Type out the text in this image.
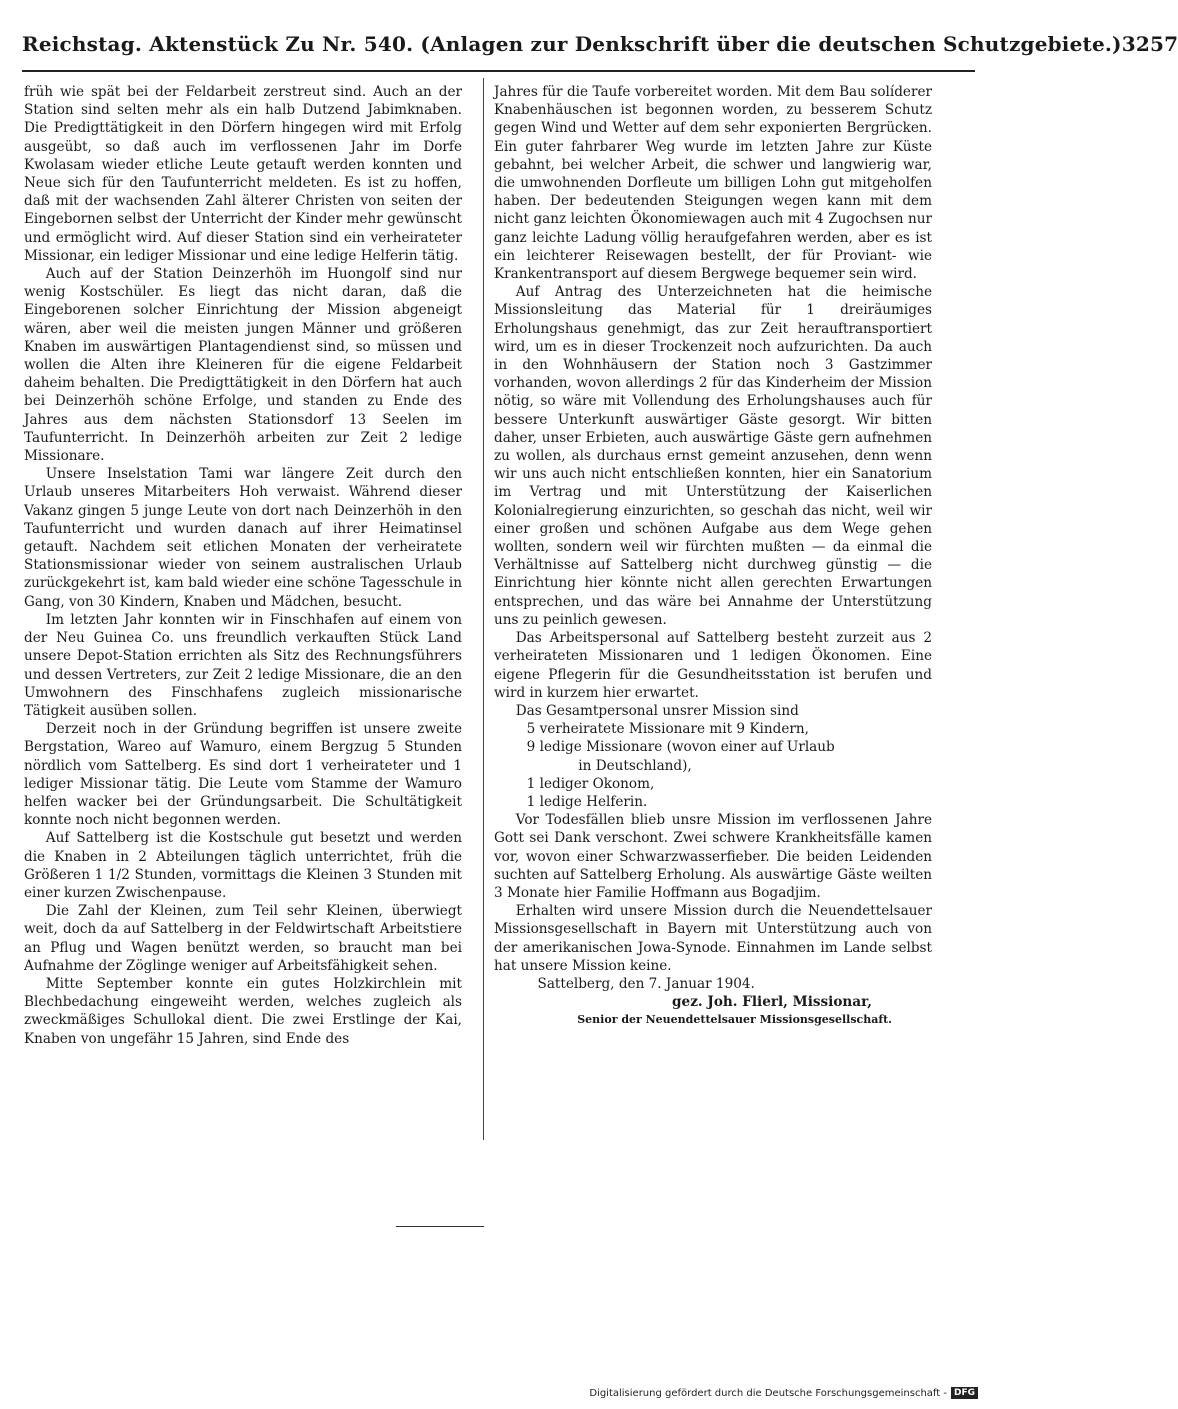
Reichstag. Aktenstück Zu Nr. 540. (Anlagen zur Denkschrift über die deutschen Schutzgebiete.) 3257

früh wie spät bei der Feldarbeit zerstreut sind. Auch an der Station sind selten mehr als ein halb Dutzend Jabimknaben. Die Predigttätigkeit in den Dörfern hingegen wird mit Erfolg ausgeübt, so daß auch im verflossenen Jahr im Dorfe Kwolasam wieder etliche Leute getauft werden konnten und Neue sich für den Taufunterricht meldeten. Es ist zu hoffen, daß mit der wachsenden Zahl älterer Christen von seiten der Eingebornen selbst der Unterricht der Kinder mehr gewünscht und ermöglicht wird. Auf dieser Station sind ein verheirateter Missionar, ein lediger Missionar und eine ledige Helferin tätig.

Auch auf der Station Deinzerhöh im Huongolf sind nur wenig Kostschüler. Es liegt das nicht daran, daß die Eingeborenen solcher Einrichtung der Mission abgeneigt wären, aber weil die meisten jungen Männer und größeren Knaben im auswärtigen Plantagendienst sind, so müssen und wollen die Alten ihre Kleineren für die eigene Feldarbeit daheim behalten. Die Predigttätigkeit in den Dörfern hat auch bei Deinzerhöh schöne Erfolge, und standen zu Ende des Jahres aus dem nächsten Stationsdorf 13 Seelen im Taufunterricht. In Deinzerhöh arbeiten zur Zeit 2 ledige Missionare.

Unsere Inselstation Tami war längere Zeit durch den Urlaub unseres Mitarbeiters Hoh verwaist. Während dieser Vakanz gingen 5 junge Leute von dort nach Deinzerhöh in den Taufunterricht und wurden danach auf ihrer Heimatinsel getauft. Nachdem seit etlichen Monaten der verheiratete Stationsmissionar wieder von seinem australischen Urlaub zurückgekehrt ist, kam bald wieder eine schöne Tagesschule in Gang, von 30 Kindern, Knaben und Mädchen, besucht.

Im letzten Jahr konnten wir in Finschhafen auf einem von der Neu Guinea Co. uns freundlich verkauften Stück Land unsere Depot-Station errichten als Sitz des Rechnungsführers und dessen Vertreters, zur Zeit 2 ledige Missionare, die an den Umwohnern des Finschhafens zugleich missionarische Tätigkeit ausüben sollen.

Derzeit noch in der Gründung begriffen ist unsere zweite Bergstation, Wareo auf Wamuro, einem Bergzug 5 Stunden nördlich vom Sattelberg. Es sind dort 1 verheirateter und 1 lediger Missionar tätig. Die Leute vom Stamme der Wamuro helfen wacker bei der Gründungsarbeit. Die Schultätigkeit konnte noch nicht begonnen werden.

Auf Sattelberg ist die Kostschule gut besetzt und werden die Knaben in 2 Abteilungen täglich unterrichtet, früh die Größeren 1 1/2 Stunden, vormittags die Kleinen 3 Stunden mit einer kurzen Zwischenpause.

Die Zahl der Kleinen, zum Teil sehr Kleinen, überwiegt weit, doch da auf Sattelberg in der Feldwirtschaft Arbeitstiere an Pflug und Wagen benützt werden, so braucht man bei Aufnahme der Zöglinge weniger auf Arbeitsfähigkeit sehen.

Mitte September konnte ein gutes Holzkirchlein mit Blechbedachung eingeweiht werden, welches zugleich als zweckmäßiges Schullokal dient. Die zwei Erstlinge der Kai, Knaben von ungefähr 15 Jahren, sind Ende des

Jahres für die Taufe vorbereitet worden. Mit dem Bau solíderer Knabenhäuschen ist begonnen worden, zu besserem Schutz gegen Wind und Wetter auf dem sehr exponierten Bergrücken. Ein guter fahrbarer Weg wurde im letzten Jahre zur Küste gebahnt, bei welcher Arbeit, die schwer und langwierig war, die umwohnenden Dorfleute um billigen Lohn gut mitgeholfen haben. Der bedeutenden Steigungen wegen kann mit dem nicht ganz leichten Ökonomiewagen auch mit 4 Zugochsen nur ganz leichte Ladung völlig heraufgefahren werden, aber es ist ein leichterer Reisewagen bestellt, der für Proviant- wie Krankentransport auf diesem Bergwege bequemer sein wird.

Auf Antrag des Unterzeichneten hat die heimische Missionsleitung das Material für 1 dreiräumiges Erholungshaus genehmigt, das zur Zeit herauftransportiert wird, um es in dieser Trockenzeit noch aufzurichten. Da auch in den Wohnhäusern der Station noch 3 Gastzimmer vorhanden, wovon allerdings 2 für das Kinderheim der Mission nötig, so wäre mit Vollendung des Erholungshauses auch für bessere Unterkunft auswärtiger Gäste gesorgt. Wir bitten daher, unser Erbieten, auch auswärtige Gäste gern aufnehmen zu wollen, als durchaus ernst gemeint anzusehen, denn wenn wir uns auch nicht entschließen konnten, hier ein Sanatorium im Vertrag und mit Unterstützung der Kaiserlichen Kolonialregierung einzurichten, so geschah das nicht, weil wir einer großen und schönen Aufgabe aus dem Wege gehen wollten, sondern weil wir fürchten mußten — da einmal die Verhältnisse auf Sattelberg nicht durchweg günstig — die Einrichtung hier könnte nicht allen gerechten Erwartungen entsprechen, und das wäre bei Annahme der Unterstützung uns zu peinlich gewesen.

Das Arbeitspersonal auf Sattelberg besteht zurzeit aus 2 verheirateten Missionaren und 1 ledigen Ökonomen. Eine eigene Pflegerin für die Gesundheitsstation ist berufen und wird in kurzem hier erwartet.

Das Gesamtpersonal unsrer Mission sind
5 verheiratete Missionare mit 9 Kindern,
9 ledige Missionare (wovon einer auf Urlaub
in Deutschland),
1 lediger Okonom,
1 ledige Helferin.

Vor Todesfällen blieb unsre Mission im verflossenen Jahre Gott sei Dank verschont. Zwei schwere Krankheitsfälle kamen vor, wovon einer Schwarzwasserfieber. Die beiden Leidenden suchten auf Sattelberg Erholung. Als auswärtige Gäste weilten 3 Monate hier Familie Hoffmann aus Bogadjim.

Erhalten wird unsere Mission durch die Neuendettelsauer Missionsgesellschaft in Bayern mit Unterstützung auch von der amerikanischen Jowa-Synode. Einnahmen im Lande selbst hat unsere Mission keine.

Sattelberg, den 7. Januar 1904.

gez. Joh. Flierl, Missionar,

Senior der Neuendettelsauer Missionsgesellschaft.

Digitalisierung gefördert durch die Deutsche Forschungsgemeinschaft - DFG
